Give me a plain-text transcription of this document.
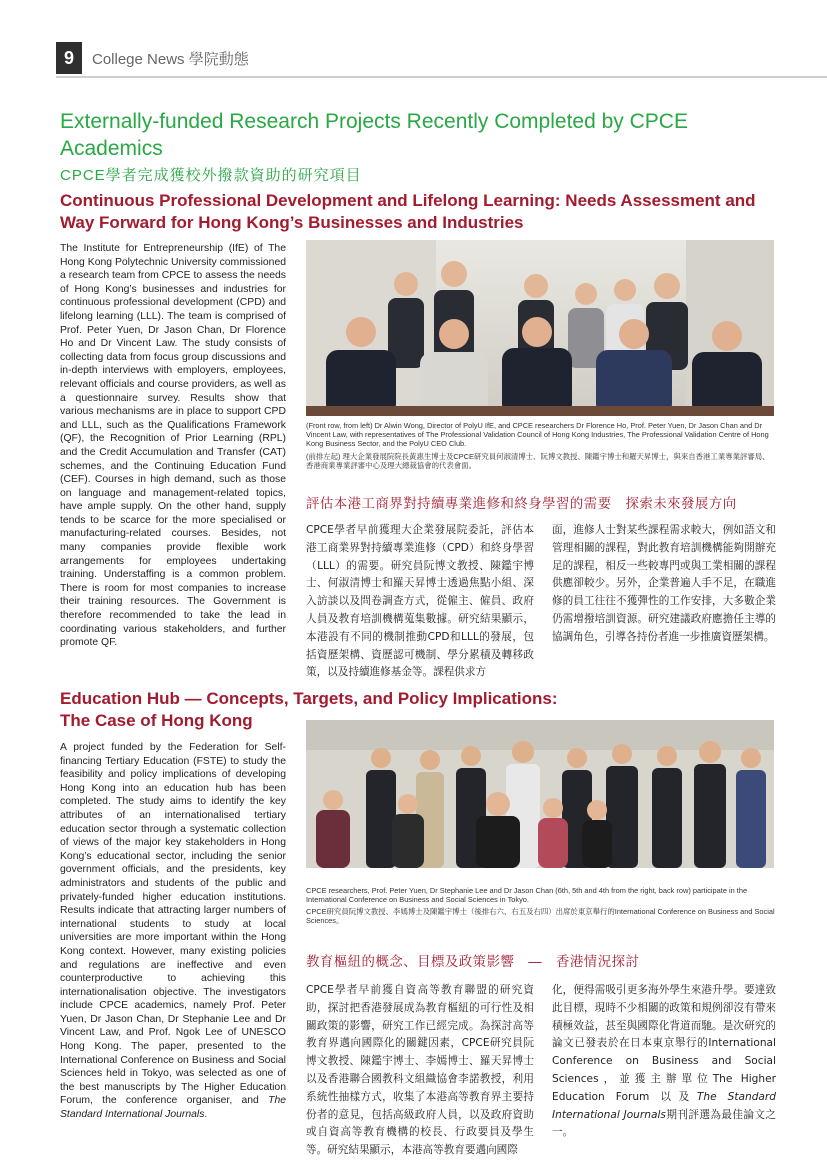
9	College News 學院動態
Externally-funded Research Projects Recently Completed by CPCE Academics
CPCE學者完成獲校外撥款資助的研究項目
Continuous Professional Development and Lifelong Learning: Needs Assessment and Way Forward for Hong Kong’s Businesses and Industries

The Institute for Entrepreneurship (IfE) of The Hong Kong Polytechnic University commissioned a research team from CPCE to assess the needs of Hong Kong’s businesses and industries for continuous professional development (CPD) and lifelong learning (LLL). The team is comprised of Prof. Peter Yuen, Dr Jason Chan, Dr Florence Ho and Dr Vincent Law. The study consists of collecting data from focus group discussions and in-depth interviews with employers, employees, relevant officials and course providers, as well as a questionnaire survey. Results show that various mechanisms are in place to support CPD and LLL, such as the Qualifications Framework (QF), the Recognition of Prior Learning (RPL) and the Credit Accumulation and Transfer (CAT) schemes, and the Continuing Education Fund (CEF). Courses in high demand, such as those on language and management-related topics, have ample supply. On the other hand, supply tends to be scarce for the more specialised or manufacturing-related courses. Besides, not many companies provide flexible work arrangements for employees undertaking training. Understaffing is a common problem. There is room for most companies to increase their training resources. The Government is therefore recommended to take the lead in coordinating various stakeholders, and further promote QF.

(Front row, from left) Dr Alwin Wong, Director of PolyU IfE, and CPCE researchers Dr Florence Ho, Prof. Peter Yuen, Dr Jason Chan and Dr Vincent Law, with representatives of The Professional Validation Council of Hong Kong Industries, The Professional Validation Centre of Hong Kong Business Sector, and the PolyU CEO Club.

(前排左起) 理大企業發展院院長黃惠生博士及CPCE研究員何淑清博士、阮博文教授、陳鑑宇博士和羅天昇博士，與來自香港工業專業評審局、香港商業專業評審中心及理大總裁協會的代表會面。

評估本港工商界對持續專業進修和終身學習的需要　探索未來發展方向

CPCE學者早前獲理大企業發展院委託，評估本港工商業界對持續專業進修（CPD）和終身學習（LLL）的需要。研究員阮博文教授、陳鑑宇博士、何淑清博士和羅天昇博士透過焦點小組、深入訪談以及問卷調查方式，從僱主、僱員、政府人員及教育培訓機構蒐集數據。研究結果顯示，本港設有不同的機制推動CPD和LLL的發展，包括資歷架構、資歷認可機制、學分累積及轉移政策，以及持續進修基金等。課程供求方

面，進修人士對某些課程需求較大，例如語文和管理相關的課程，對此教育培訓機構能夠開辦充足的課程，相反一些較專門或與工業相關的課程供應卻較少。另外，企業普遍人手不足，在職進修的員工往往不獲彈性的工作安排，大多數企業仍需增撥培訓資源。研究建議政府應擔任主導的協調角色，引導各持份者進一步推廣資歷架構。

Education Hub — Concepts, Targets, and Policy Implications: The Case of Hong Kong

A project funded by the Federation for Self-financing Tertiary Education (FSTE) to study the feasibility and policy implications of developing Hong Kong into an education hub has been completed. The study aims to identify the key attributes of an internationalised tertiary education sector through a systematic collection of views of the major key stakeholders in Hong Kong’s educational sector, including the senior government officials, and the presidents, key administrators and students of the public and privately-funded higher education institutions. Results indicate that attracting larger numbers of international students to study at local universities are more important within the Hong Kong context. However, many existing policies and regulations are ineffective and even counterproductive to achieving this internationalisation objective. The investigators include CPCE academics, namely Prof. Peter Yuen, Dr Jason Chan, Dr Stephanie Lee and Dr Vincent Law, and Prof. Ngok Lee of UNESCO Hong Kong. The paper, presented to the International Conference on Business and Social Sciences held in Tokyo, was selected as one of the best manuscripts by The Higher Education Forum, the conference organiser, and The Standard International Journals.

CPCE researchers, Prof. Peter Yuen, Dr Stephanie Lee and Dr Jason Chan (6th, 5th and 4th from the right, back row) participate in the International Conference on Business and Social Sciences in Tokyo.

CPCE研究員阮博文教授、李嫣博士及陳鑑宇博士（後排右六、右五及右四）出席於東京舉行的International Conference on Business and Social Sciences。

教育樞紐的概念、目標及政策影響　—　香港情況探討

CPCE學者早前獲自資高等教育聯盟的研究資助，探討把香港發展成為教育樞紐的可行性及相關政策的影響，研究工作已經完成。為探討高等教育界邁向國際化的關鍵因素，CPCE研究員阮博文教授、陳鑑宇博士、李嫣博士、羅天昇博士以及香港聯合國教科文組織協會李諾教授，利用系統性抽樣方式，收集了本港高等教育界主要持份者的意見，包括高級政府人員，以及政府資助或自資高等教育機構的校長、行政要員及學生等。研究結果顯示，本港高等教育要邁向國際

化，便得需吸引更多海外學生來港升學。要達致此目標，現時不少相關的政策和規例卻沒有帶來積極效益，甚至與國際化背道而馳。是次研究的論文已發表於在日本東京舉行的International Conference on Business and Social Sciences，並獲主辦單位The Higher Education Forum 以及The Standard International Journals期刊評選為最佳論文之一。
